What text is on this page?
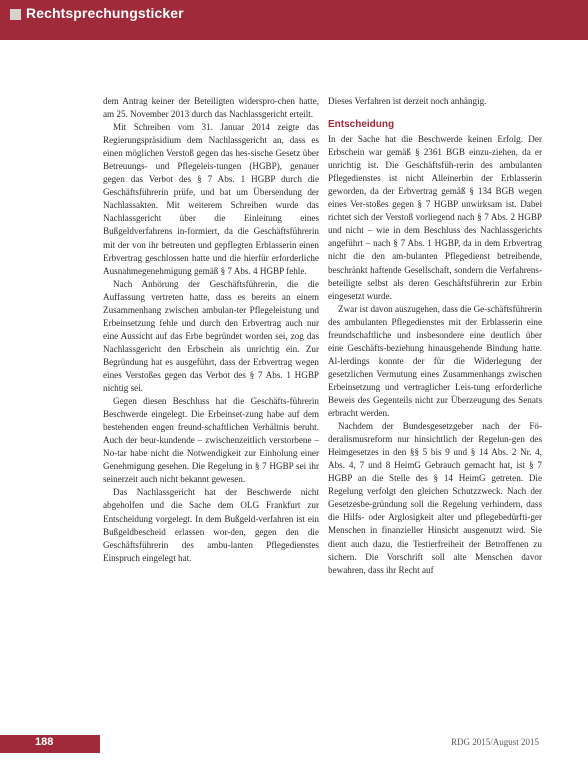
Rechtsprechungsticker

dem Antrag keiner der Beteiligten widerspro-chen hatte, am 25. November 2013 durch das Nachlassgericht erteilt.

Mit Schreiben vom 31. Januar 2014 zeigte das Regierungspräsidium dem Nachlassgericht an, dass es einen möglichen Verstoß gegen das hes-sische Gesetz über Betreuungs- und Pflegeleis-tungen (HGBP), genauer gegen das Verbot des § 7 Abs. 1 HGBP durch die Geschäftsführerin prüfe, und bat um Übersendung der Nachlassakten. Mit weiterem Schreiben wurde das Nachlassgericht über die Einleitung eines Bußgeldverfahrens in-formiert, da die Geschäftsführerin mit der von ihr betreuten und gepflegten Erblasserin einen Erbvertrag geschlossen hatte und die hierfür erforderliche Ausnahmegenehmigung gemäß § 7 Abs. 4 HGBP fehle.

Nach Anhörung der Geschäftsführerin, die die Auffassung vertreten hatte, dass es bereits an einem Zusammenhang zwischen ambulan-ter Pflegeleistung und Erbeinsetzung fehle und durch den Erbvertrag auch nur eine Aussicht auf das Erbe begründet worden sei, zog das Nachlassgericht den Erbschein als unrichtig ein. Zur Begründung hat es ausgeführt, dass der Erbvertrag wegen eines Verstoßes gegen das Verbot des § 7 Abs. 1 HGBP nichtig sei.

Gegen diesen Beschluss hat die Geschäfts-führerin Beschwerde eingelegt. Die Erbeinset-zung habe auf dem bestehenden engen freund-schaftlichen Verhältnis beruht. Auch der beur-kundende – zwischenzeitlich verstorbene – No-tar habe nicht die Notwendigkeit zur Einholung einer Genehmigung gesehen. Die Regelung in § 7 HGBP sei ihr seinerzeit auch nicht bekannt gewesen.

Das Nachlassgericht hat der Beschwerde nicht abgeholfen und die Sache dem OLG Frankfurt zur Entscheidung vorgelegt. In dem Bußgeld-verfahren ist ein Bußgeldbescheid erlassen wor-den, gegen den die Geschäftsführerin des ambu-lanten Pflegedienstes Einspruch eingelegt hat.

Dieses Verfahren ist derzeit noch anhängig.

Entscheidung

In der Sache hat die Beschwerde keinen Erfolg. Der Erbschein war gemäß § 2361 BGB einzu-ziehen, da er unrichtig ist. Die Geschäftsfüh-rerin des ambulanten Pflegedienstes ist nicht Alleinerbin der Erblasserin geworden, da der Erbvertrag gemäß § 134 BGB wegen eines Ver-stoßes gegen § 7 HGBP unwirksam ist. Dabei richtet sich der Verstoß vorliegend nach § 7 Abs. 2 HGBP und nicht – wie in dem Beschluss des Nachlassgerichts angeführt – nach § 7 Abs. 1 HGBP, da in dem Erbvertrag nicht die den am-bulanten Pflegedienst betreibende, beschränkt haftende Gesellschaft, sondern die Verfahrens-beteiligte selbst als deren Geschäftsführerin zur Erbin eingesetzt wurde.

Zwar ist davon auszugehen, dass die Ge-schäftsführerin des ambulanten Pflegedienstes mit der Erblasserin eine freundschaftliche und insbesondere eine deutlich über eine Geschäfts-beziehung hinausgehende Bindung hatte. Al-lerdings konnte der für die Widerlegung der gesetzlichen Vermutung eines Zusammenhangs zwischen Erbeinsetzung und vertraglicher Leis-tung erforderliche Beweis des Gegenteils nicht zur Überzeugung des Senats erbracht werden.

Nachdem der Bundesgesetzgeber nach der Fö-deralismusreform nur hinsichtlich der Regelun-gen des Heimgesetzes in den §§ 5 bis 9 und § 14 Abs. 2 Nr. 4, Abs. 4, 7 und 8 HeimG Gebrauch gemacht hat, ist § 7 HGBP an die Stelle des § 14 HeimG getreten. Die Regelung verfolgt den gleichen Schutzzweck. Nach der Gesetzesbe-gründung soll die Regelung verhindern, dass die Hilfs- oder Arglosigkeit alter und pflegebedürfti-ger Menschen in finanzieller Hinsicht ausgenutzt wird. Sie dient auch dazu, die Testierfreiheit der Betroffenen zu sichern. Die Vorschrift soll alte Menschen davor bewahren, dass ihr Recht auf

188	RDG 2015/August 2015
